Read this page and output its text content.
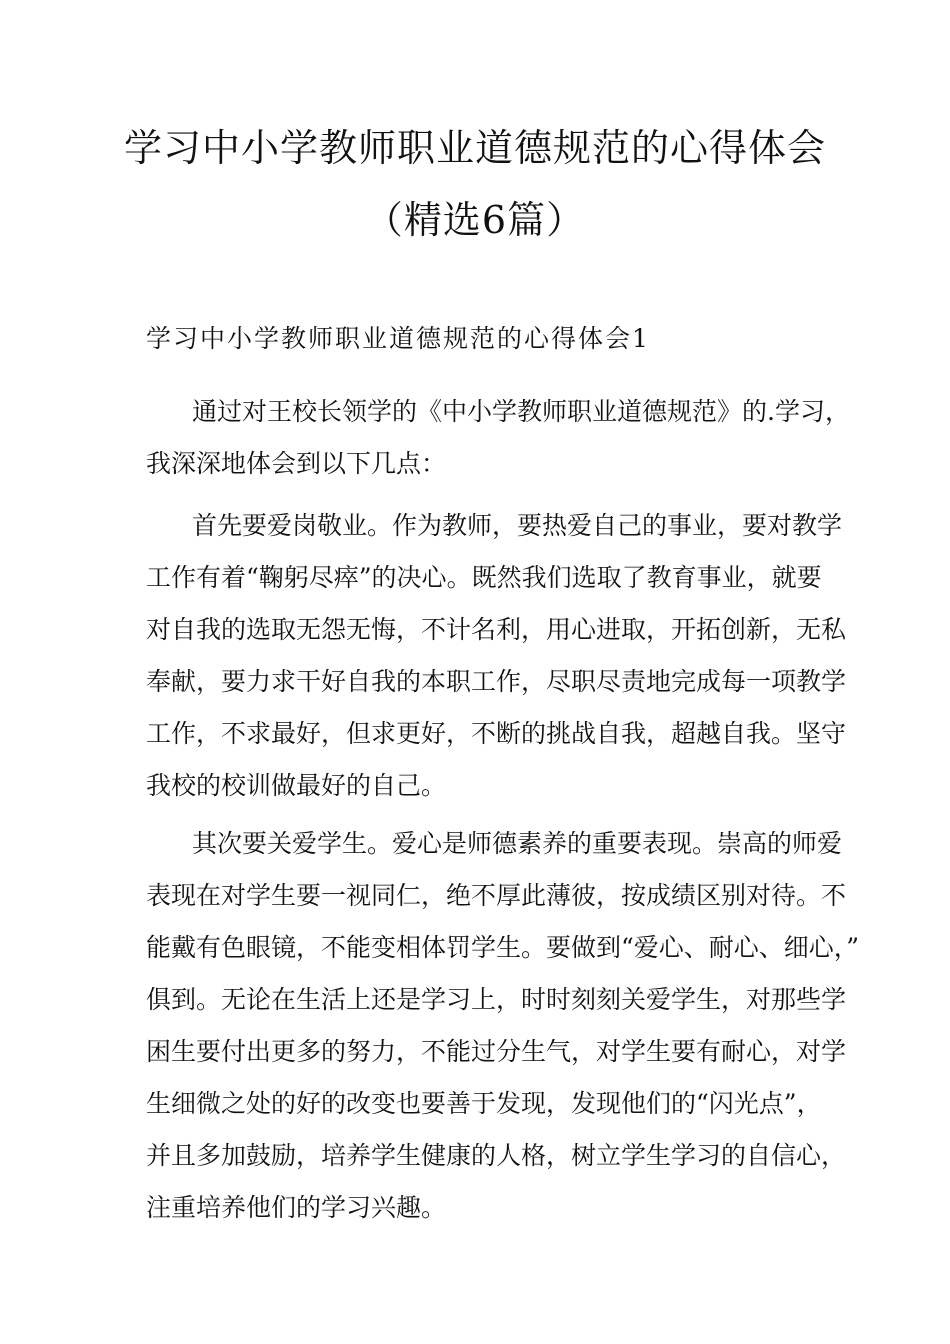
学习中小学教师职业道德规范的心得体会
（精选6篇）
学习中小学教师职业道德规范的心得体会1

通过对王校长领学的《中小学教师职业道德规范》的.学习，
我深深地体会到以下几点：

首先要爱岗敬业。作为教师，要热爱自己的事业，要对教学
工作有着“鞠躬尽瘁”的决心。既然我们选取了教育事业，就要
对自我的选取无怨无悔，不计名利，用心进取，开拓创新，无私
奉献，要力求干好自我的本职工作，尽职尽责地完成每一项教学
工作，不求最好，但求更好，不断的挑战自我，超越自我。坚守
我校的校训做最好的自己。

其次要关爱学生。爱心是师德素养的重要表现。崇高的师爱
表现在对学生要一视同仁，绝不厚此薄彼，按成绩区别对待。不
能戴有色眼镜，不能变相体罚学生。要做到“爱心、耐心、细心，”
俱到。无论在生活上还是学习上，时时刻刻关爱学生，对那些学
困生要付出更多的努力，不能过分生气，对学生要有耐心，对学
生细微之处的好的改变也要善于发现，发现他们的“闪光点”，
并且多加鼓励，培养学生健康的人格，树立学生学习的自信心，
注重培养他们的学习兴趣。
